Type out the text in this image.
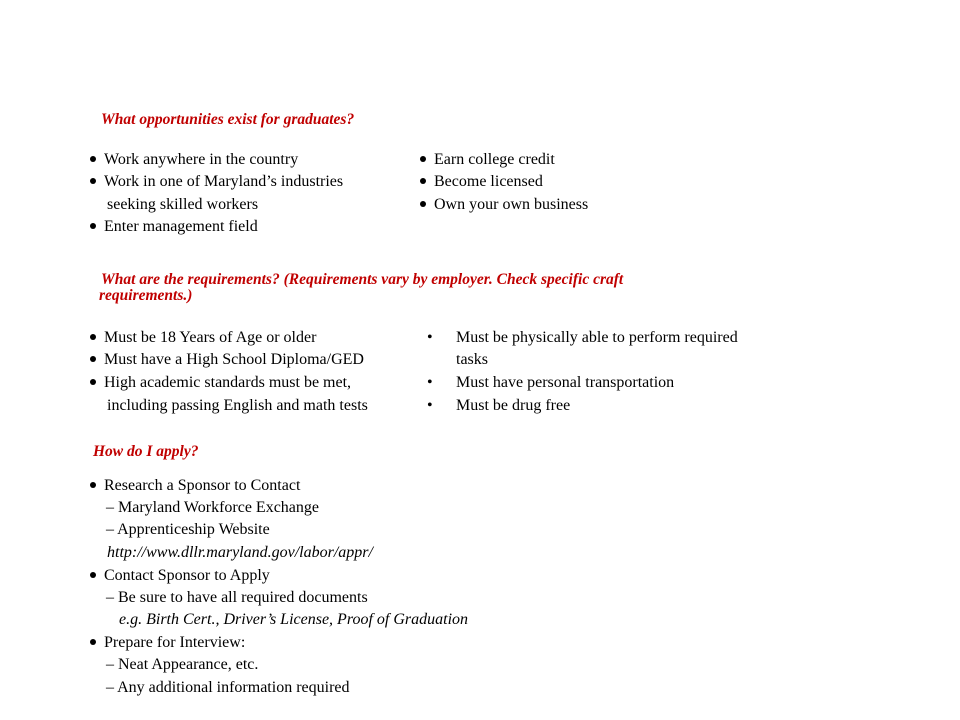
What opportunities exist for graduates?

Work anywhere in the country

Work in one of Maryland’s industries

seeking skilled workers

Enter management field

Earn college credit

Become licensed

Own your own business

What are the requirements? (Requirements vary by employer. Check specific craft

requirements.)

Must be 18 Years of Age or older

Must have a High School Diploma/GED

High academic standards must be met,

including passing English and math tests

• Must be physically able to perform required

tasks

• Must have personal transportation

• Must be drug free

How do I apply?

Research a Sponsor to Contact

– Maryland Workforce Exchange

– Apprenticeship Website

http://www.dllr.maryland.gov/labor/appr/

Contact Sponsor to Apply

– Be sure to have all required documents

e.g. Birth Cert., Driver’s License, Proof of Graduation

Prepare for Interview:

– Neat Appearance, etc.

– Any additional information required
